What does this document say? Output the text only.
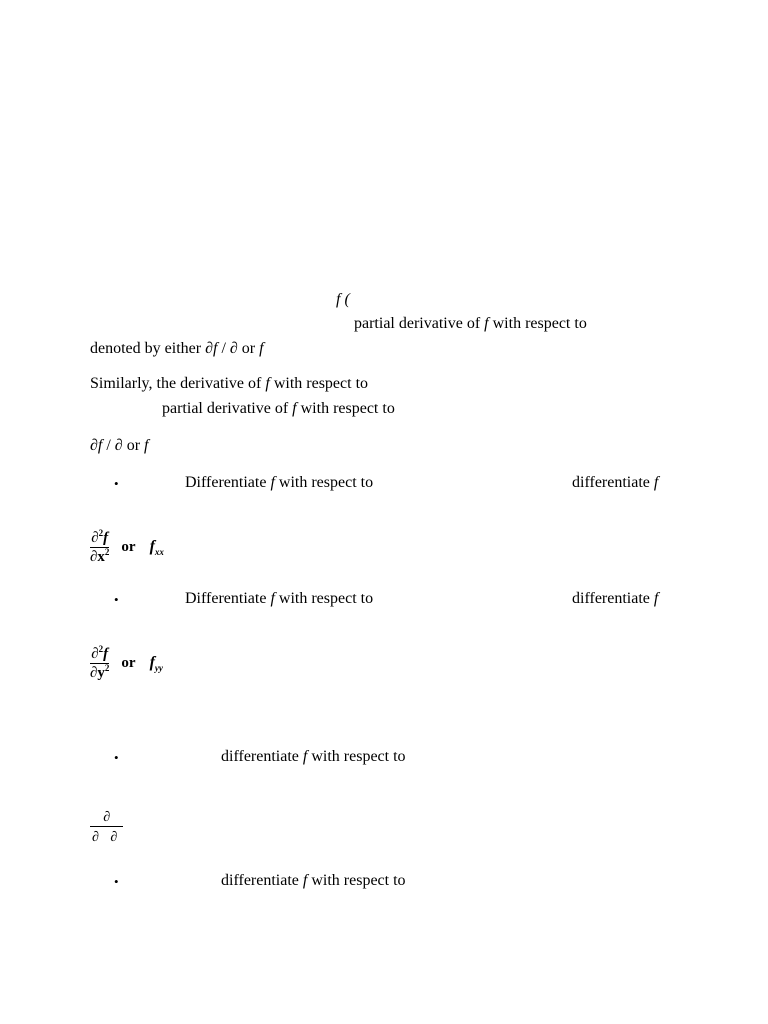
f (
partial derivative of f with respect to
denoted by either ∂f / ∂ or f
Similarly, the derivative of f with respect to
partial derivative of f with respect to
∂f / ∂ or f
•	Differentiate f with respect to	differentiate f
$\frac{\partial^2f}{\partial x^2}$ or $f_{xx}$
•	Differentiate f with respect to	differentiate f
$\frac{\partial^2f}{\partial y^2}$ or $f_{yy}$
•	differentiate f with respect to
∂
∂ ∂
•	differentiate f with respect to
